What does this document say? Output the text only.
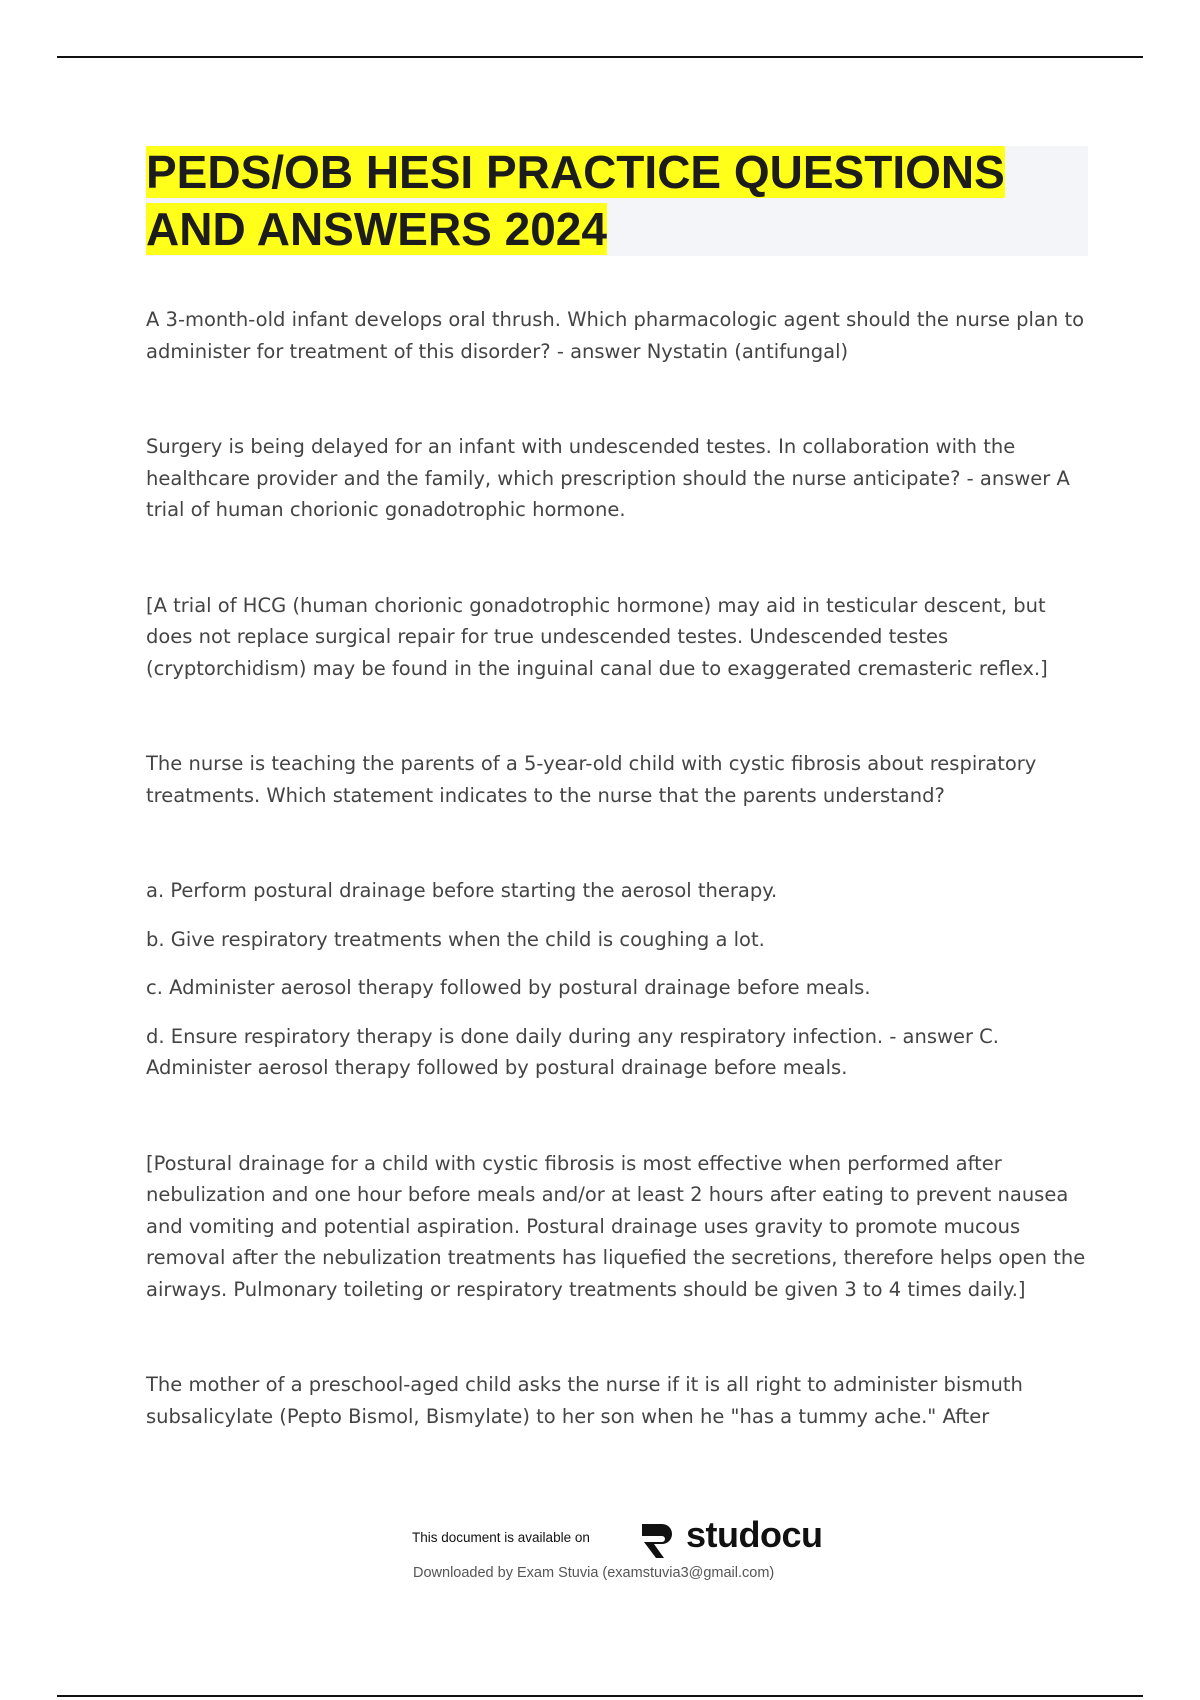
PEDS/OB HESI PRACTICE QUESTIONS AND ANSWERS 2024

A 3-month-old infant develops oral thrush. Which pharmacologic agent should the nurse plan to administer for treatment of this disorder? - answer Nystatin (antifungal)

Surgery is being delayed for an infant with undescended testes. In collaboration with the healthcare provider and the family, which prescription should the nurse anticipate? - answer A trial of human chorionic gonadotrophic hormone.

[A trial of HCG (human chorionic gonadotrophic hormone) may aid in testicular descent, but does not replace surgical repair for true undescended testes. Undescended testes (cryptorchidism) may be found in the inguinal canal due to exaggerated cremasteric reflex.]

The nurse is teaching the parents of a 5-year-old child with cystic fibrosis about respiratory treatments. Which statement indicates to the nurse that the parents understand?

a. Perform postural drainage before starting the aerosol therapy.

b. Give respiratory treatments when the child is coughing a lot.

c. Administer aerosol therapy followed by postural drainage before meals.

d. Ensure respiratory therapy is done daily during any respiratory infection. - answer C. Administer aerosol therapy followed by postural drainage before meals.

[Postural drainage for a child with cystic fibrosis is most effective when performed after nebulization and one hour before meals and/or at least 2 hours after eating to prevent nausea and vomiting and potential aspiration. Postural drainage uses gravity to promote mucous removal after the nebulization treatments has liquefied the secretions, therefore helps open the airways. Pulmonary toileting or respiratory treatments should be given 3 to 4 times daily.]

The mother of a preschool-aged child asks the nurse if it is all right to administer bismuth subsalicylate (Pepto Bismol, Bismylate) to her son when he "has a tummy ache." After

This document is available on	studocu
Downloaded by Exam Stuvia (examstuvia3@gmail.com)
